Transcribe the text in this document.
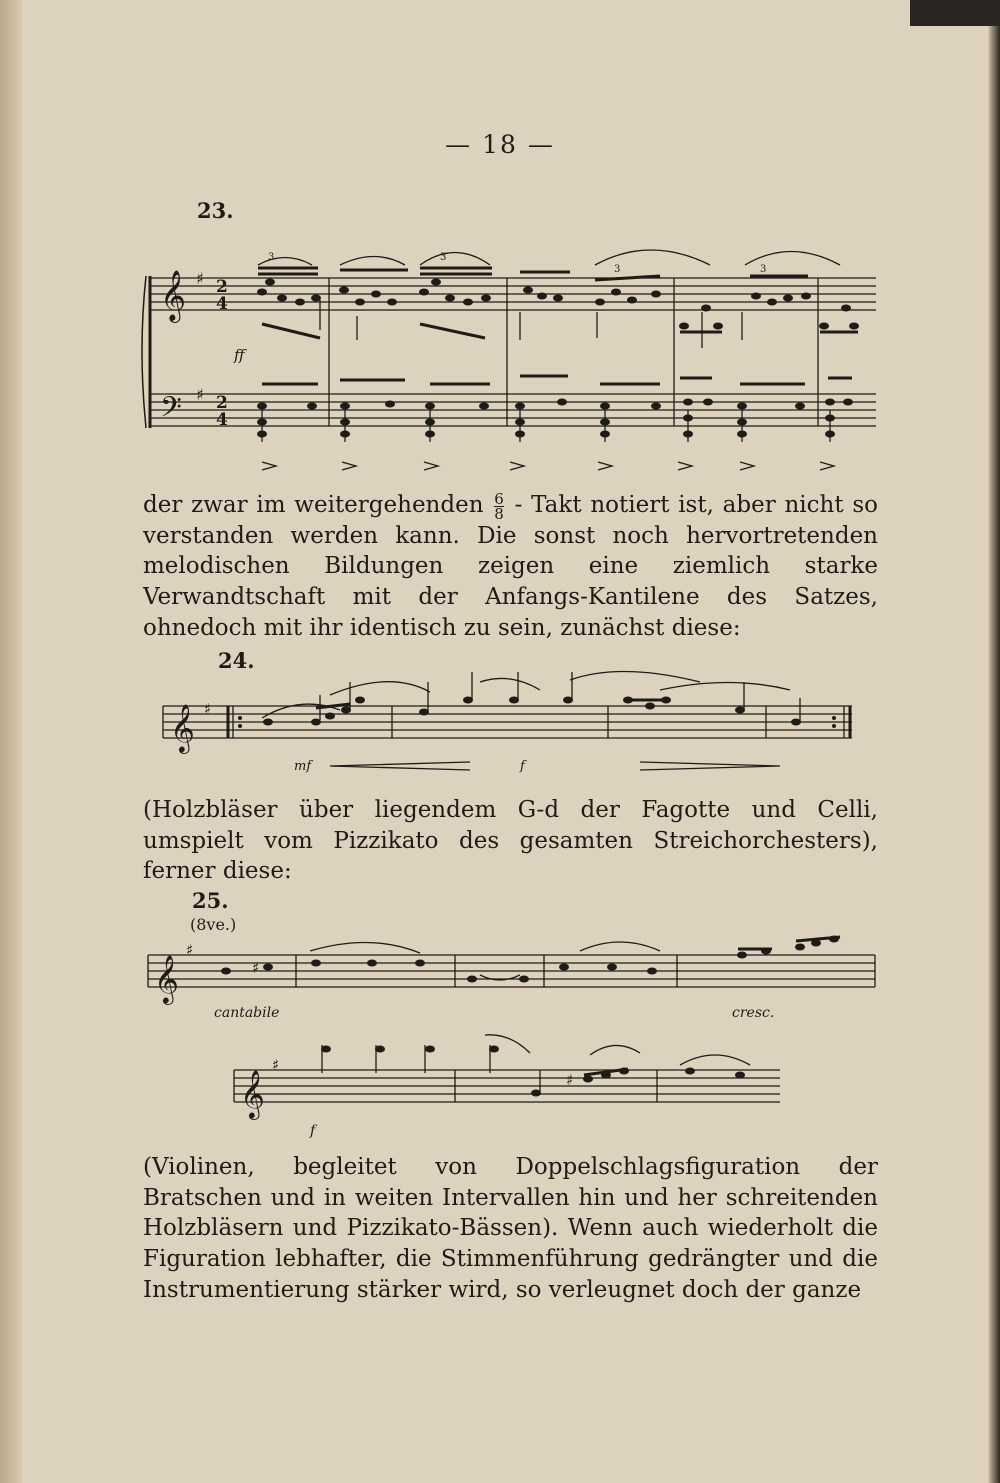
— 18 —
23.
𝄞
𝄢
♯
♯
2
4
2
4
3	3
3	3
ff

der zwar im weitergehenden $\frac{6}{8}$ - Takt notiert ist, aber nicht so verstanden werden kann. Die sonst noch hervortretenden melodischen Bildungen zeigen eine ziemlich starke Verwandtschaft mit der Anfangs-Kantilene des Satzes, ohnedoch mit ihr identisch zu sein, zunächst diese:

24.
𝄞 ♯
mf	f

(Holzbläser über liegendem G-d der Fagotte und Celli, umspielt vom Pizzikato des gesamten Streichorchesters), ferner diese:

25.
(8ve.)
𝄞
♯
♯
𝄞
♯
♯
cantabile	cresc.
f

(Violinen, begleitet von Doppelschlagsfiguration der Bratschen und in weiten Intervallen hin und her schreitenden Holzbläsern und Pizzikato-Bässen). Wenn auch wiederholt die Figuration lebhafter, die Stimmenführung gedrängter und die Instrumentierung stärker wird, so verleugnet doch der ganze
